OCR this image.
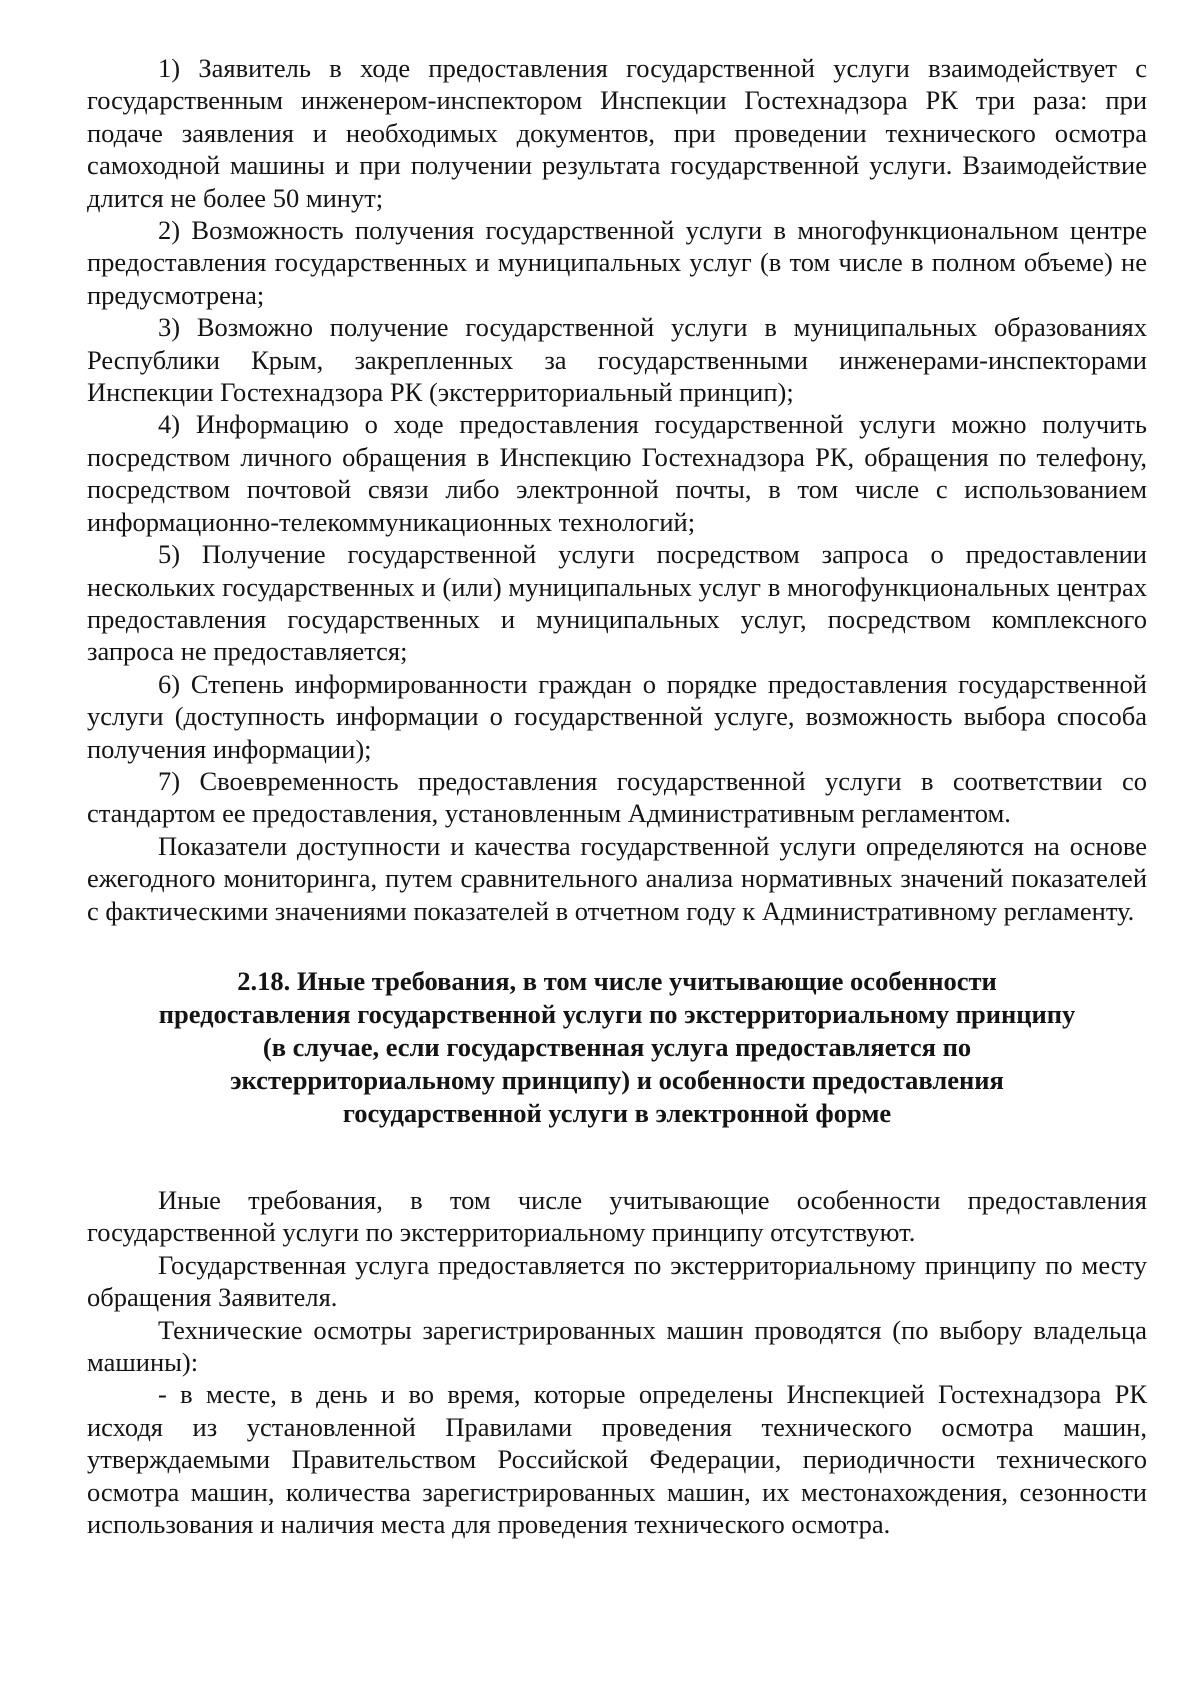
1) Заявитель в ходе предоставления государственной услуги взаимодействует с государственным инженером-инспектором Инспекции Гостехнадзора РК три раза: при подаче заявления и необходимых документов, при проведении технического осмотра самоходной машины и при получении результата государственной услуги. Взаимодействие длится не более 50 минут;

2) Возможность получения государственной услуги в многофункциональном центре предоставления государственных и муниципальных услуг (в том числе в полном объеме) не предусмотрена;

3) Возможно получение государственной услуги в муниципальных образованиях Республики Крым, закрепленных за государственными инженерами-инспекторами Инспекции Гостехнадзора РК (экстерриториальный принцип);

4) Информацию о ходе предоставления государственной услуги можно получить посредством личного обращения в Инспекцию Гостехнадзора РК, обращения по телефону, посредством почтовой связи либо электронной почты, в том числе с использованием информационно-телекоммуникационных технологий;

5) Получение государственной услуги посредством запроса о предоставлении нескольких государственных и (или) муниципальных услуг в многофункциональных центрах предоставления государственных и муниципальных услуг, посредством комплексного запроса не предоставляется;

6) Степень информированности граждан о порядке предоставления государственной услуги (доступность информации о государственной услуге, возможность выбора способа получения информации);

7) Своевременность предоставления государственной услуги в соответствии со стандартом ее предоставления, установленным Административным регламентом.

Показатели доступности и качества государственной услуги определяются на основе ежегодного мониторинга, путем сравнительного анализа нормативных значений показателей с фактическими значениями показателей в отчетном году к Административному регламенту.

2.18. Иные требования, в том числе учитывающие особенности
предоставления государственной услуги по экстерриториальному принципу
(в случае, если государственная услуга предоставляется по
экстерриториальному принципу) и особенности предоставления
государственной услуги в электронной форме

Иные требования, в том числе учитывающие особенности предоставления государственной услуги по экстерриториальному принципу отсутствуют.

Государственная услуга предоставляется по экстерриториальному принципу по месту обращения Заявителя.

Технические осмотры зарегистрированных машин проводятся (по выбору владельца машины):

- в месте, в день и во время, которые определены Инспекцией Гостехнадзора РК исходя из установленной Правилами проведения технического осмотра машин, утверждаемыми Правительством Российской Федерации, периодичности технического осмотра машин, количества зарегистрированных машин, их местонахождения, сезонности использования и наличия места для проведения технического осмотра.
